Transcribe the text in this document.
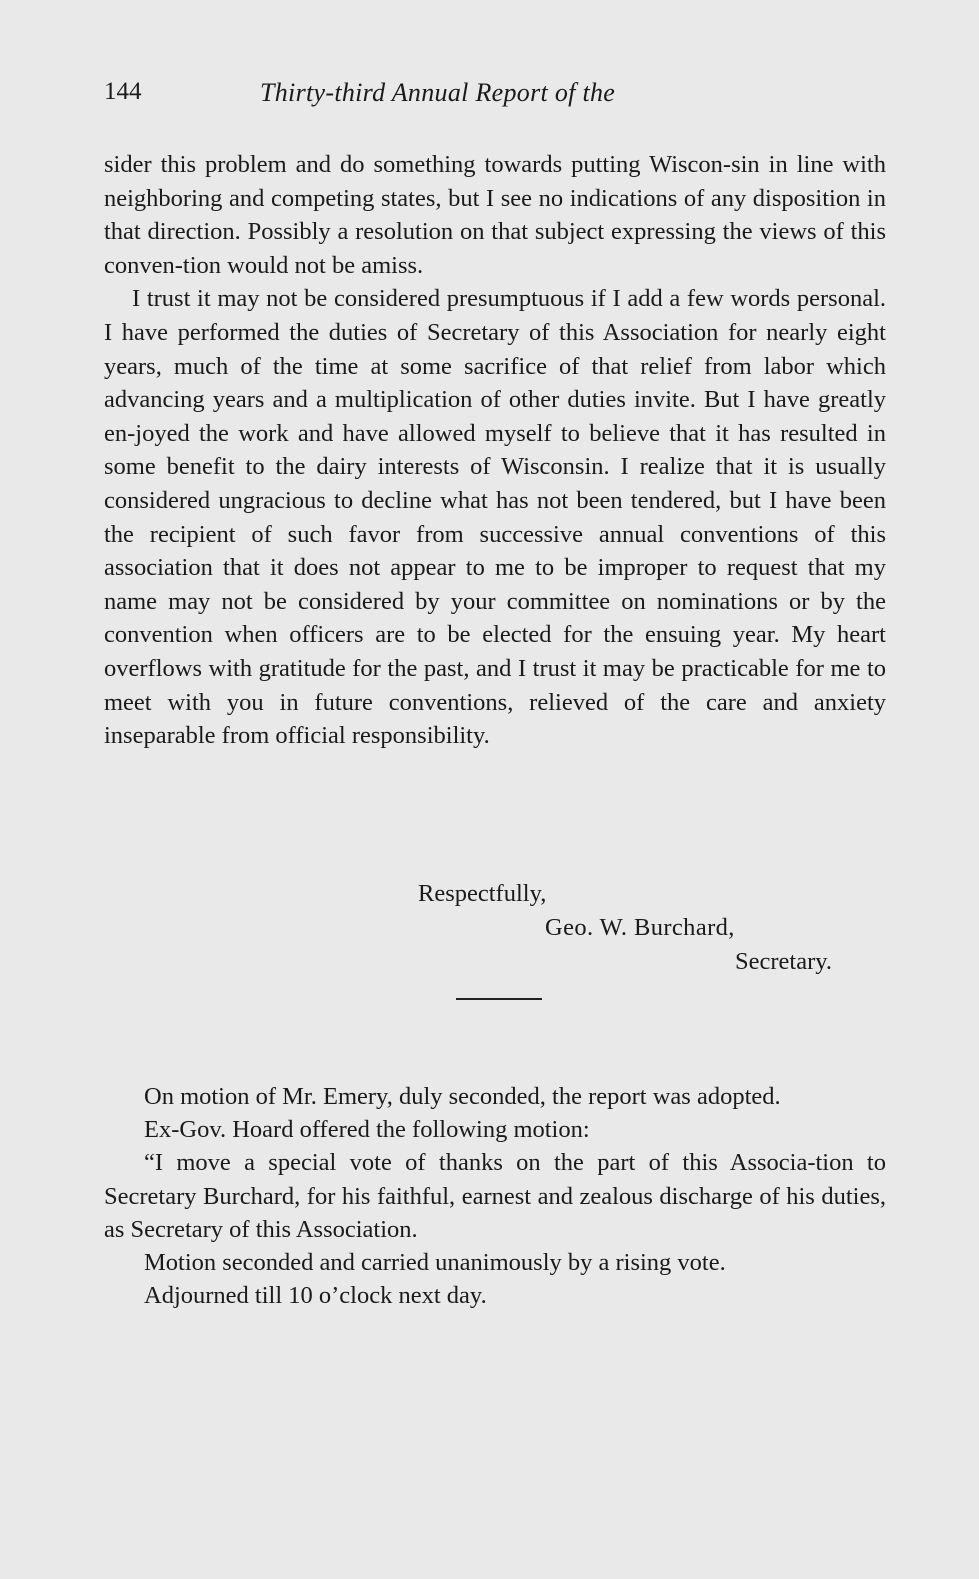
144	Thirty-third Annual Report of the

sider this problem and do something towards putting Wiscon-sin in line with neighboring and competing states, but I see no indications of any disposition in that direction. Possibly a resolution on that subject expressing the views of this conven-tion would not be amiss.

I trust it may not be considered presumptuous if I add a few words personal. I have performed the duties of Secretary of this Association for nearly eight years, much of the time at some sacrifice of that relief from labor which advancing years and a multiplication of other duties invite. But I have greatly en-joyed the work and have allowed myself to believe that it has resulted in some benefit to the dairy interests of Wisconsin. I realize that it is usually considered ungracious to decline what has not been tendered, but I have been the recipient of such favor from successive annual conventions of this association that it does not appear to me to be improper to request that my name may not be considered by your committee on nominations or by the convention when officers are to be elected for the ensuing year. My heart overflows with gratitude for the past, and I trust it may be practicable for me to meet with you in future conventions, relieved of the care and anxiety inseparable from official responsibility.

Respectfully,
Geo. W. Burchard,
Secretary.

On motion of Mr. Emery, duly seconded, the report was adopted.

Ex-Gov. Hoard offered the following motion:

“I move a special vote of thanks on the part of this Associa-tion to Secretary Burchard, for his faithful, earnest and zealous discharge of his duties, as Secretary of this Association.

Motion seconded and carried unanimously by a rising vote.

Adjourned till 10 o’clock next day.
